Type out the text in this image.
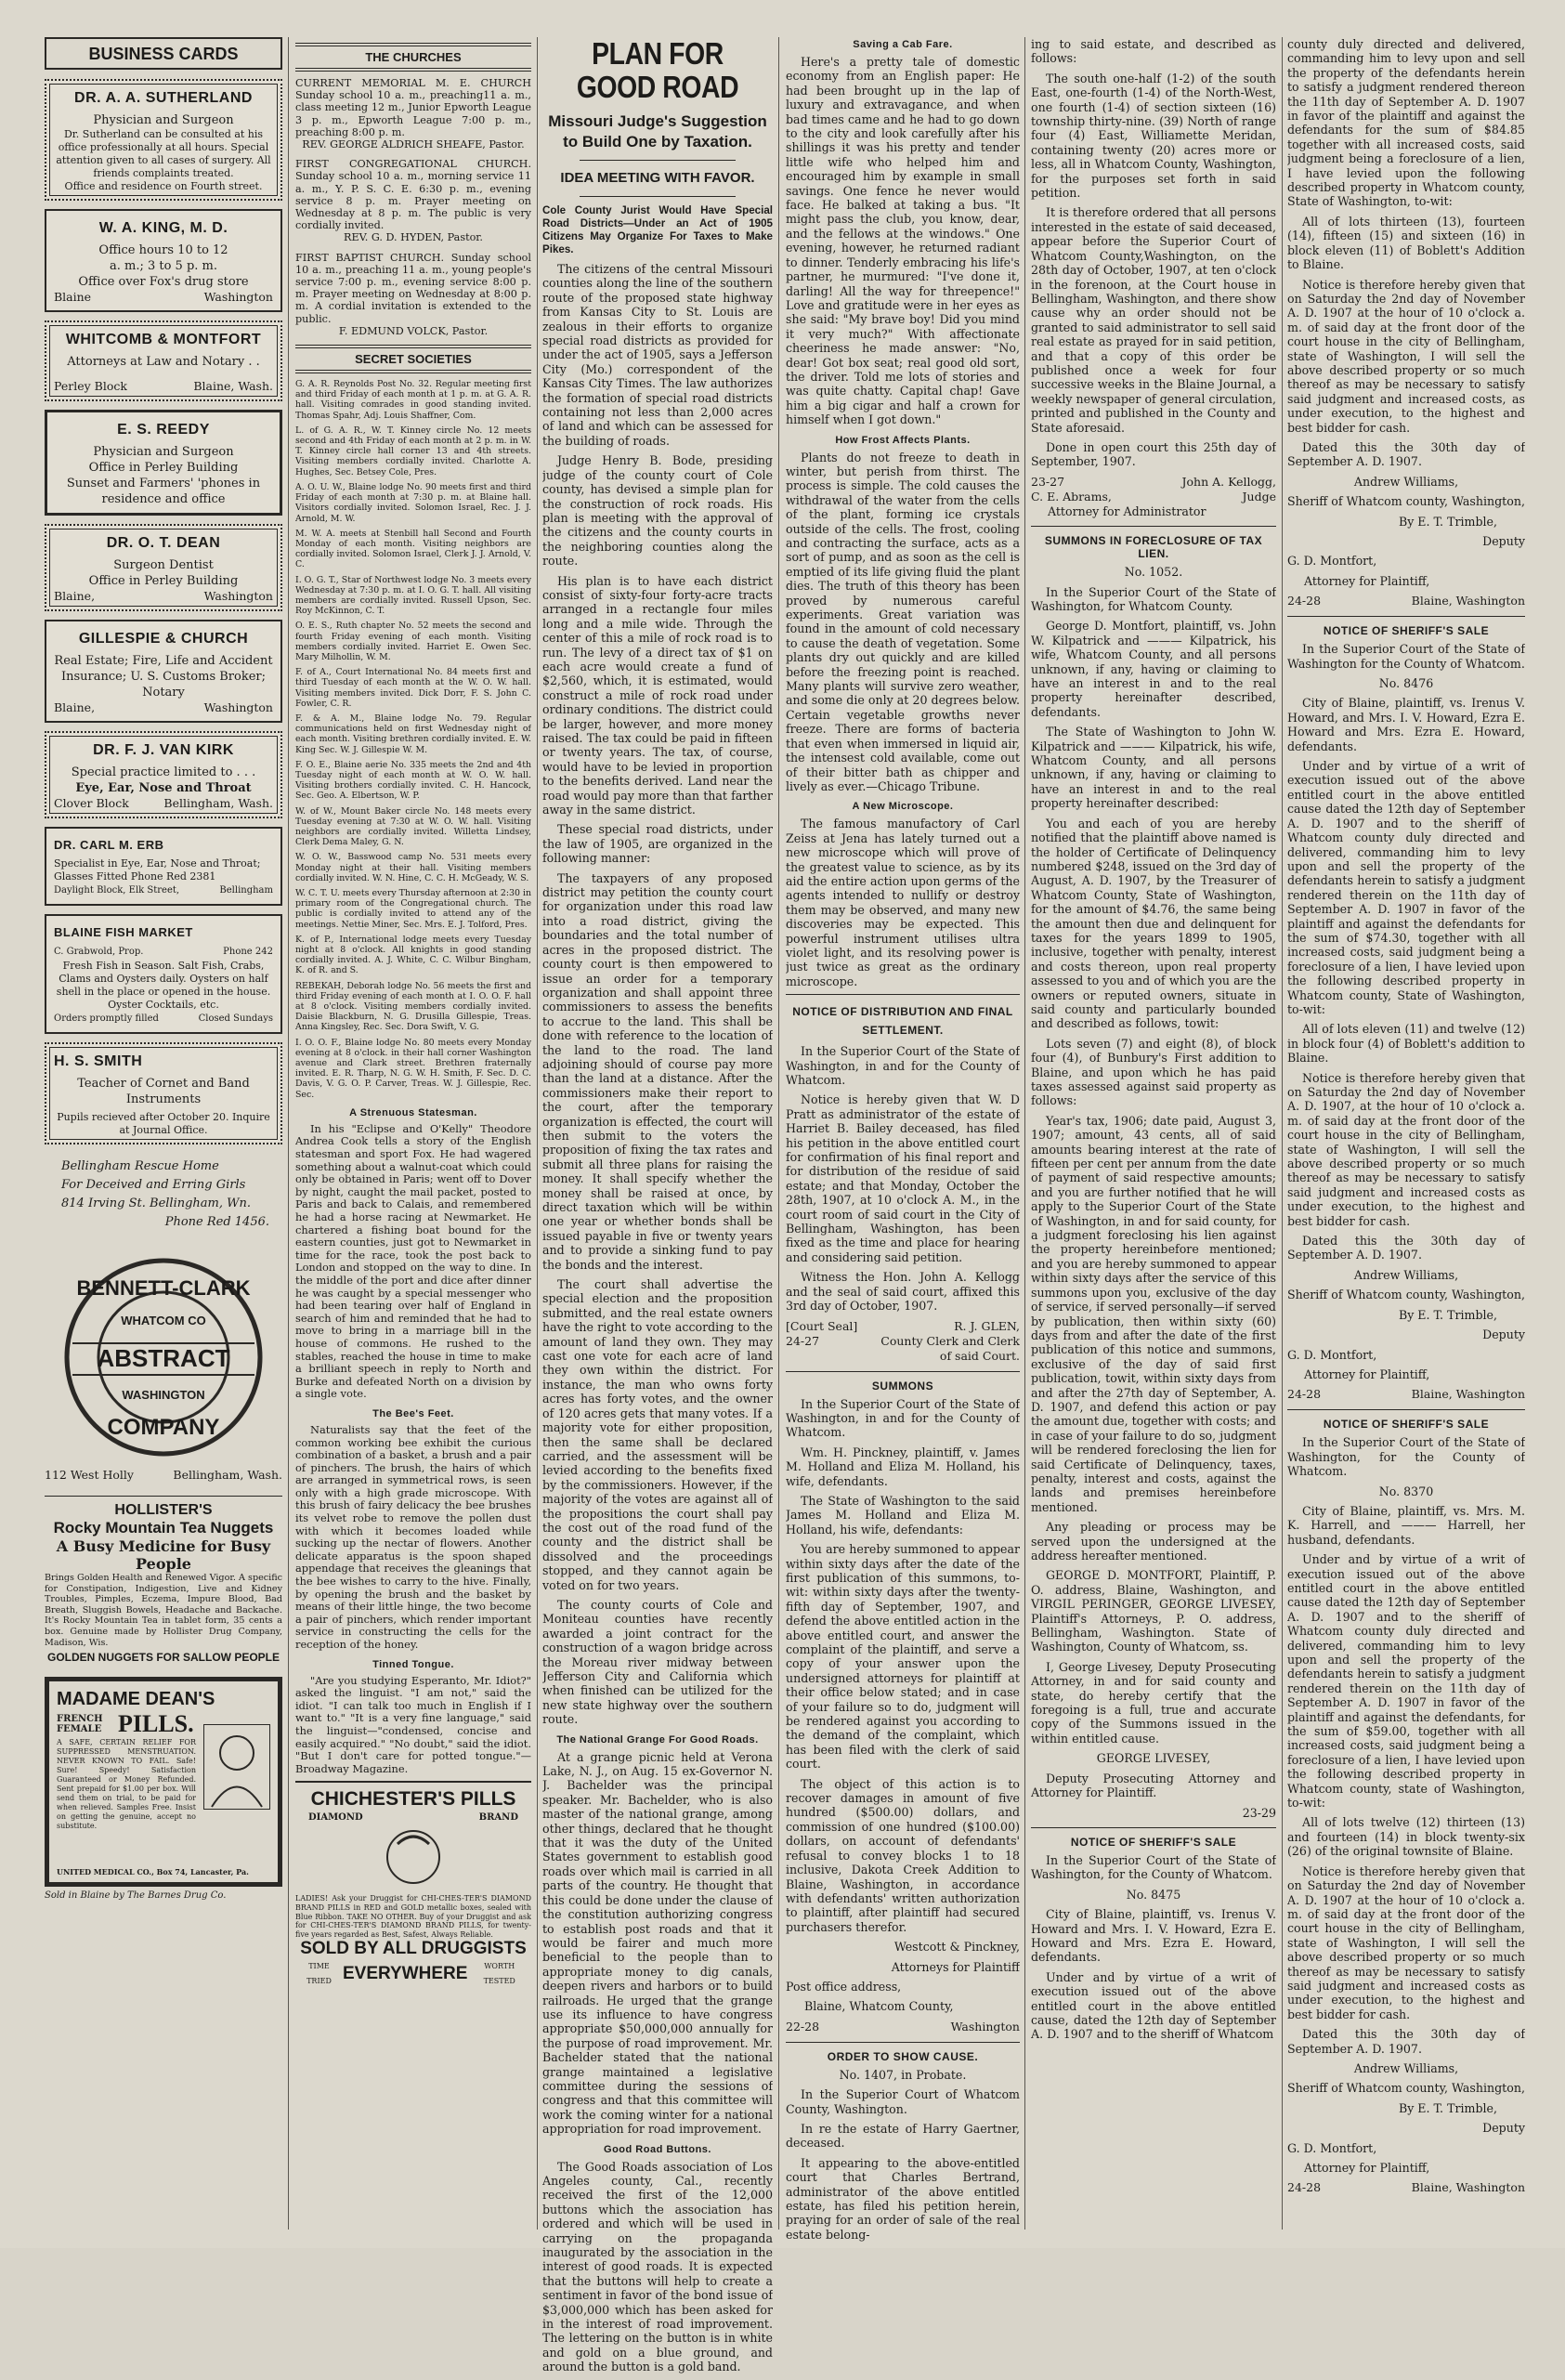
BUSINESS CARDS
DR. A. A. SUTHERLAND
Physician and Surgeon
Dr. Sutherland can be consulted at his office professionally at all hours. Special attention given to all cases of surgery. All friends complaints treated.
Office and residence on Fourth street.
W. A. KING, M. D.
Office hours 10 to 12
a. m.; 3 to 5 p. m.
Office over Fox's drug store
Blaine	Washington
WHITCOMB & MONTFORT
Attorneys at Law and Notary . .
Perley Block	Blaine, Wash.
E. S. REEDY
Physician and Surgeon
Office in Perley Building
Sunset and Farmers' 'phones in residence and office
DR. O. T. DEAN
Surgeon Dentist
Office in Perley Building
Blaine,	Washington
GILLESPIE & CHURCH
Real Estate; Fire, Life and Accident Insurance; U. S. Customs Broker; Notary
Blaine,	Washington
DR. F. J. VAN KIRK
Special practice limited to . . .
Eye, Ear, Nose and Throat
Clover Block	Bellingham, Wash.
DR. CARL M. ERB
Specialist in Eye, Ear, Nose and Throat; Glasses Fitted Phone Red 2381
Daylight Block, Elk Street,	Bellingham
BLAINE FISH MARKET
C. Grabwold, Prop.	Phone 242
Fresh Fish in Season. Salt Fish, Crabs, Clams and Oysters daily. Oysters on half shell in the place or opened in the house. Oyster Cocktails, etc.
Orders promptly filled	Closed Sundays
H. S. SMITH
Teacher of Cornet and Band Instruments
Pupils recieved after October 20. Inquire at Journal Office.
Bellingham Rescue Home
For Deceived and Erring Girls
814 Irving St. Bellingham, Wn.
Phone Red 1456.
BENNETT-CLARK
WHATCOM CO
ABSTRACT
WASHINGTON
COMPANY
112 West Holly	Bellingham, Wash.
HOLLISTER'S
Rocky Mountain Tea Nuggets
A Busy Medicine for Busy People
Brings Golden Health and Renewed Vigor. A specific for Constipation, Indigestion, Live and Kidney Troubles, Pimples, Eczema, Impure Blood, Bad Breath, Sluggish Bowels, Headache and Backache. It's Rocky Mountain Tea in tablet form, 35 cents a box. Genuine made by Hollister Drug Company, Madison, Wis.
GOLDEN NUGGETS FOR SALLOW PEOPLE
MADAME DEAN'S
FRENCH FEMALE PILLS.
A SAFE, CERTAIN RELIEF FOR SUPPRESSED MENSTRUATION. NEVER KNOWN TO FAIL. Safe! Sure! Speedy! Satisfaction Guaranteed or Money Refunded. Sent prepaid for $1.00 per box. Will send them on trial, to be paid for when relieved. Samples Free. Insist on getting the genuine, accept no substitute.
UNITED MEDICAL CO., Box 74, Lancaster, Pa.
Sold in Blaine by The Barnes Drug Co.
THE CHURCHES
CURRENT MEMORIAL M. E. CHURCH Sunday school 10 a. m., preaching11 a. m., class meeting 12 m., Junior Epworth League 3 p. m., Epworth League 7:00 p. m., preaching 8:00 p. m.
REV. GEORGE ALDRICH SHEAFE, Pastor.
FIRST CONGREGATIONAL CHURCH. Sunday school 10 a. m., morning service 11 a. m., Y. P. S. C. E. 6:30 p. m., evening service 8 p. m. Prayer meeting on Wednesday at 8 p. m. The public is very cordially invited.
REV. G. D. HYDEN, Pastor.
FIRST BAPTIST CHURCH. Sunday school 10 a. m., preaching 11 a. m., young people's service 7:00 p. m., evening service 8:00 p. m. Prayer meeting on Wednesday at 8:00 p. m. A cordial invitation is extended to the public.
F. EDMUND VOLCK, Pastor.
SECRET SOCIETIES
G. A. R. Reynolds Post No. 32. Regular meeting first and third Friday of each month at 1 p. m. at G. A. R. hall. Visiting comrades in good standing invited. Thomas Spahr, Adj. Louis Shaffner, Com.
L. of G. A. R., W. T. Kinney circle No. 12 meets second and 4th Friday of each month at 2 p. m. in W. T. Kinney circle hall corner 13 and 4th streets. Visiting members cordially invited. Charlotte A. Hughes, Sec. Betsey Cole, Pres.
A. O. U. W., Blaine lodge No. 90 meets first and third Friday of each month at 7:30 p. m. at Blaine hall. Visitors cordially invited. Solomon Israel, Rec. J. J. Arnold, M. W.
M. W. A. meets at Stenbill hall Second and Fourth Monday of each month. Visiting neighbors are cordially invited. Solomon Israel, Clerk J. J. Arnold, V. C.
I. O. G. T., Star of Northwest lodge No. 3 meets every Wednesday at 7:30 p. m. at I. O. G. T. hall. All visiting members are cordially invited. Russell Upson, Sec. Roy McKinnon, C. T.
O. E. S., Ruth chapter No. 52 meets the second and fourth Friday evening of each month. Visiting members cordially invited. Harriet E. Owen Sec. Mary Milhollin, W. M.
F. of A., Court International No. 84 meets first and third Tuesday of each month at the W. O. W. hall. Visiting members invited. Dick Dorr, F. S. John C. Fowler, C. R.
F. & A. M., Blaine lodge No. 79. Regular communications held on first Wednesday night of each month. Visiting brethren cordially invited. E. W. King Sec. W. J. Gillespie W. M.
F. O. E., Blaine aerie No. 335 meets the 2nd and 4th Tuesday night of each month at W. O. W. hall. Visiting brothers cordially invited. C. H. Hancock, Sec. Geo. A. Elbertson, W. P.
W. of W., Mount Baker circle No. 148 meets every Tuesday evening at 7:30 at W. O. W. hall. Visiting neighbors are cordially invited. Willetta Lindsey, Clerk Dema Maley, G. N.
W. O. W., Basswood camp No. 531 meets every Monday night at their hall. Visiting members cordially invited. W. N. Hine, C. C. H. McGeady, W. S.
W. C. T. U. meets every Thursday afternoon at 2:30 in primary room of the Congregational church. The public is cordially invited to attend any of the meetings. Nettie Miner, Sec. Mrs. E. J. Tolford, Pres.
K. of P., International lodge meets every Tuesday night at 8 o'clock. All knights in good standing cordially invited. A. J. White, C. C. Wilbur Bingham, K. of R. and S.
REBEKAH, Deborah lodge No. 56 meets the first and third Friday evening of each month at I. O. O. F. hall at 8 o'clock. Visiting members cordially invited. Daisie Blackburn, N. G. Drusilla Gillespie, Treas. Anna Kingsley, Rec. Sec. Dora Swift, V. G.
I. O. O. F., Blaine lodge No. 80 meets every Monday evening at 8 o'clock. in their hall corner Washington avenue and Clark street. Brethren fraternally invited. E. R. Tharp, N. G. W. H. Smith, F. Sec. D. C. Davis, V. G. O. P. Carver, Treas. W. J. Gillespie, Rec. Sec.
A Strenuous Statesman.

In his "Eclipse and O'Kelly" Theodore Andrea Cook tells a story of the English statesman and sport Fox. He had wagered something about a walnut-coat which could only be obtained in Paris; went off to Dover by night, caught the mail packet, posted to Paris and back to Calais, and remembered he had a horse racing at Newmarket. He chartered a fishing boat bound for the eastern counties, just got to Newmarket in time for the race, took the post back to London and stopped on the way to dine. In the middle of the port and dice after dinner he was caught by a special messenger who had been tearing over half of England in search of him and reminded that he had to move to bring in a marriage bill in the house of commons. He rushed to the stables, reached the house in time to make a brilliant speech in reply to North and Burke and defeated North on a division by a single vote.

The Bee's Feet.

Naturalists say that the feet of the common working bee exhibit the curious combination of a basket, a brush and a pair of pinchers. The brush, the hairs of which are arranged in symmetrical rows, is seen only with a high grade microscope. With this brush of fairy delicacy the bee brushes its velvet robe to remove the pollen dust with which it becomes loaded while sucking up the nectar of flowers. Another delicate apparatus is the spoon shaped appendage that receives the gleanings that the bee wishes to carry to the hive. Finally, by opening the brush and the basket by means of their little hinge, the two become a pair of pinchers, which render important service in constructing the cells for the reception of the honey.

Tinned Tongue.

"Are you studying Esperanto, Mr. Idiot?" asked the linguist. "I am not," said the idiot. "I can talk too much in English if I want to." "It is a very fine language," said the linguist—"condensed, concise and easily acquired." "No doubt," said the idiot. "But I don't care for potted tongue."—Broadway Magazine.

CHICHESTER'S PILLS
DIAMOND	BRAND
LADIES! Ask your Druggist for CHI-CHES-TER'S DIAMOND BRAND PILLS in RED and GOLD metallic boxes, sealed with Blue Ribbon. TAKE NO OTHER. Buy of your Druggist and ask for CHI-CHES-TER'S DIAMOND BRAND PILLS, for twenty-five years regarded as Best, Safest, Always Reliable.
SOLD BY ALL DRUGGISTS
TIME TRIED EVERYWHERE	WORTH TESTED
PLAN FOR GOOD ROAD
Missouri Judge's Suggestion to Build One by Taxation.
IDEA MEETING WITH FAVOR.

Cole County Jurist Would Have Special Road Districts—Under an Act of 1905 Citizens May Organize For Taxes to Make Pikes.

The citizens of the central Missouri counties along the line of the southern route of the proposed state highway from Kansas City to St. Louis are zealous in their efforts to organize special road districts as provided for under the act of 1905, says a Jefferson City (Mo.) correspondent of the Kansas City Times. The law authorizes the formation of special road districts containing not less than 2,000 acres of land and which can be assessed for the building of roads.

Judge Henry B. Bode, presiding judge of the county court of Cole county, has devised a simple plan for the construction of rock roads. His plan is meeting with the approval of the citizens and the county courts in the neighboring counties along the route.

His plan is to have each district consist of sixty-four forty-acre tracts arranged in a rectangle four miles long and a mile wide. Through the center of this a mile of rock road is to run. The levy of a direct tax of $1 on each acre would create a fund of $2,560, which, it is estimated, would construct a mile of rock road under ordinary conditions. The district could be larger, however, and more money raised. The tax could be paid in fifteen or twenty years. The tax, of course, would have to be levied in proportion to the benefits derived. Land near the road would pay more than that farther away in the same district.

These special road districts, under the law of 1905, are organized in the following manner:

The taxpayers of any proposed district may petition the county court for organization under this road law into a road district, giving the boundaries and the total number of acres in the proposed district. The county court is then empowered to issue an order for a temporary organization and shall appoint three commissioners to assess the benefits to accrue to the land. This shall be done with reference to the location of the land to the road. The land adjoining should of course pay more than the land at a distance. After the commissioners make their report to the court, after the temporary organization is effected, the court will then submit to the voters the proposition of fixing the tax rates and submit all three plans for raising the money. It shall specify whether the money shall be raised at once, by direct taxation which will be within one year or whether bonds shall be issued payable in five or twenty years and to provide a sinking fund to pay the bonds and the interest.

The court shall advertise the special election and the proposition submitted, and the real estate owners have the right to vote according to the amount of land they own. They may cast one vote for each acre of land they own within the district. For instance, the man who owns forty acres has forty votes, and the owner of 120 acres gets that many votes. If a majority vote for either proposition, then the same shall be declared carried, and the assessment will be levied according to the benefits fixed by the commissioners. However, if the majority of the votes are against all of the propositions the court shall pay the cost out of the road fund of the county and the district shall be dissolved and the proceedings stopped, and they cannot again be voted on for two years.

The county courts of Cole and Moniteau counties have recently awarded a joint contract for the construction of a wagon bridge across the Moreau river midway between Jefferson City and California which when finished can be utilized for the new state highway over the southern route.

The National Grange For Good Roads.

At a grange picnic held at Verona Lake, N. J., on Aug. 15 ex-Governor N. J. Bachelder was the principal speaker. Mr. Bachelder, who is also master of the national grange, among other things, declared that he thought that it was the duty of the United States government to establish good roads over which mail is carried in all parts of the country. He thought that this could be done under the clause of the constitution authorizing congress to establish post roads and that it would be fairer and much more beneficial to the people than to appropriate money to dig canals, deepen rivers and harbors or to build railroads. He urged that the grange use its influence to have congress appropriate $50,000,000 annually for the purpose of road improvement. Mr. Bachelder stated that the national grange maintained a legislative committee during the sessions of congress and that this committee will work the coming winter for a national appropriation for road improvement.

Good Road Buttons.

The Good Roads association of Los Angeles county, Cal., recently received the first of the 12,000 buttons which the association has ordered and which will be used in carrying on the propaganda inaugurated by the association in the interest of good roads. It is expected that the buttons will help to create a sentiment in favor of the bond issue of $3,000,000 which has been asked for in the interest of road improvement. The lettering on the button is in white and gold on a blue ground, and around the button is a gold band.

Saving a Cab Fare.

Here's a pretty tale of domestic economy from an English paper: He had been brought up in the lap of luxury and extravagance, and when bad times came and he had to go down to the city and look carefully after his shillings it was his pretty and tender little wife who helped him and encouraged him by example in small savings. One fence he never would face. He balked at taking a bus. "It might pass the club, you know, dear, and the fellows at the windows." One evening, however, he returned radiant to dinner. Tenderly embracing his life's partner, he murmured: "I've done it, darling! All the way for threepence!" Love and gratitude were in her eyes as she said: "My brave boy! Did you mind it very much?" With affectionate cheeriness he made answer: "No, dear! Got box seat; real good old sort, the driver. Told me lots of stories and was quite chatty. Capital chap! Gave him a big cigar and half a crown for himself when I got down."

How Frost Affects Plants.

Plants do not freeze to death in winter, but perish from thirst. The process is simple. The cold causes the withdrawal of the water from the cells of the plant, forming ice crystals outside of the cells. The frost, cooling and contracting the surface, acts as a sort of pump, and as soon as the cell is emptied of its life giving fluid the plant dies. The truth of this theory has been proved by numerous careful experiments. Great variation was found in the amount of cold necessary to cause the death of vegetation. Some plants dry out quickly and are killed before the freezing point is reached. Many plants will survive zero weather, and some die only at 20 degrees below. Certain vegetable growths never freeze. There are forms of bacteria that even when immersed in liquid air, the intensest cold available, come out of their bitter bath as chipper and lively as ever.—Chicago Tribune.

A New Microscope.

The famous manufactory of Carl Zeiss at Jena has lately turned out a new microscope which will prove of the greatest value to science, as by its aid the entire action upon germs of the agents intended to nullify or destroy them may be observed, and many new discoveries may be expected. This powerful instrument utilises ultra violet light, and its resolving power is just twice as great as the ordinary microscope.

NOTICE OF DISTRIBUTION AND FINAL SETTLEMENT.

In the Superior Court of the State of Washington, in and for the County of Whatcom.

Notice is hereby given that W. D Pratt as administrator of the estate of Harriet B. Bailey deceased, has filed his petition in the above entitled court for confirmation of his final report and for distribution of the residue of said estate; and that Monday, October the 28th, 1907, at 10 o'clock A. M., in the court room of said court in the City of Bellingham, Washington, has been fixed as the time and place for hearing and considering said petition.

Witness the Hon. John A. Kellogg and the seal of said court, affixed this 3rd day of October, 1907.

[Court Seal]	R. J. GLEN,
24-27	County Clerk and Clerk of said Court.
SUMMONS

In the Superior Court of the State of Washington, in and for the County of Whatcom.

Wm. H. Pinckney, plaintiff, v. James M. Holland and Eliza M. Holland, his wife, defendants.

The State of Washington to the said James M. Holland and Eliza M. Holland, his wife, defendants:

You are hereby summoned to appear within sixty days after the date of the first publication of this summons, to-wit: within sixty days after the twenty-fifth day of September, 1907, and defend the above entitled action in the above entitled court, and answer the complaint of the plaintiff, and serve a copy of your answer upon the undersigned attorneys for plaintiff at their office below stated; and in case of your failure so to do, judgment will be rendered against you according to the demand of the complaint, which has been filed with the clerk of said court.

The object of this action is to recover damages in amount of five hundred ($500.00) dollars, and commission of one hundred ($100.00) dollars, on account of defendants' refusal to convey blocks 1 to 18 inclusive, Dakota Creek Addition to Blaine, Washington, in accordance with defendants' written authorization to plaintiff, after plaintiff had secured purchasers therefor.

Westcott & Pinckney,

Attorneys for Plaintiff

Post office address,

Blaine, Whatcom County,

22-28	Washington
ORDER TO SHOW CAUSE.

No. 1407, in Probate.

In the Superior Court of Whatcom County, Washington.

In re the estate of Harry Gaertner, deceased.

It appearing to the above-entitled court that Charles Bertrand, administrator of the above entitled estate, has filed his petition herein, praying for an order of sale of the real estate belong-

ing to said estate, and described as follows:

The south one-half (1-2) of the south East, one-fourth (1-4) of the North-West, one fourth (1-4) of section sixteen (16) township thirty-nine. (39) North of range four (4) East, Williamette Meridan, containing twenty (20) acres more or less, all in Whatcom County, Washington, for the purposes set forth in said petition.

It is therefore ordered that all persons interested in the estate of said deceased, appear before the Superior Court of Whatcom County,Washington, on the 28th day of October, 1907, at ten o'clock in the forenoon, at the Court house in Bellingham, Washington, and there show cause why an order should not be granted to said administrator to sell said real estate as prayed for in said petition, and that a copy of this order be published once a week for four successive weeks in the Blaine Journal, a weekly newspaper of general circulation, printed and published in the County and State aforesaid.

Done in open court this 25th day of September, 1907.

23-27	John A. Kellogg,
C. E. Abrams,	Judge

Attorney for Administrator

SUMMONS IN FORECLOSURE OF TAX LIEN.

No. 1052.

In the Superior Court of the State of Washington, for Whatcom County.

George D. Montfort, plaintiff, vs. John W. Kilpatrick and ——— Kilpatrick, his wife, Whatcom County, and all persons unknown, if any, having or claiming to have an interest in and to the real property hereinafter described, defendants.

The State of Washington to John W. Kilpatrick and ——— Kilpatrick, his wife, Whatcom County, and all persons unknown, if any, having or claiming to have an interest in and to the real property hereinafter described:

You and each of you are hereby notified that the plaintiff above named is the holder of Certificate of Delinquency numbered $248, issued on the 3rd day of August, A. D. 1907, by the Treasurer of Whatcom County, State of Washington, for the amount of $4.76, the same being the amount then due and delinquent for taxes for the years 1899 to 1905, inclusive, together with penalty, interest and costs thereon, upon real property assessed to you and of which you are the owners or reputed owners, situate in said county and particularly bounded and described as follows, towit:

Lots seven (7) and eight (8), of block four (4), of Bunbury's First addition to Blaine, and upon which he has paid taxes assessed against said property as follows:

Year's tax, 1906; date paid, August 3, 1907; amount, 43 cents, all of said amounts bearing interest at the rate of fifteen per cent per annum from the date of payment of said respective amounts; and you are further notified that he will apply to the Superior Court of the State of Washington, in and for said county, for a judgment foreclosing his lien against the property hereinbefore mentioned; and you are hereby summoned to appear within sixty days after the service of this summons upon you, exclusive of the day of service, if served personally—if served by publication, then within sixty (60) days from and after the date of the first publication of this notice and summons, exclusive of the day of said first publication, towit, within sixty days from and after the 27th day of September, A. D. 1907, and defend this action or pay the amount due, together with costs; and in case of your failure to do so, judgment will be rendered foreclosing the lien for said Certificate of Delinquency, taxes, penalty, interest and costs, against the lands and premises hereinbefore mentioned.

Any pleading or process may be served upon the undersigned at the address hereafter mentioned.

GEORGE D. MONTFORT, Plaintiff, P. O. address, Blaine, Washington, and VIRGIL PERINGER, GEORGE LIVESEY, Plaintiff's Attorneys, P. O. address, Bellingham, Washington. State of Washington, County of Whatcom, ss.

I, George Livesey, Deputy Prosecuting Attorney, in and for said county and state, do hereby certify that the foregoing is a full, true and accurate copy of the Summons issued in the within entitled cause.

GEORGE LIVESEY,

Deputy Prosecuting Attorney and Attorney for Plaintiff.

23-29

NOTICE OF SHERIFF'S SALE

In the Superior Court of the State of Washington, for the County of Whatcom.

No. 8475

City of Blaine, plaintiff, vs. Irenus V. Howard and Mrs. I. V. Howard, Ezra E. Howard and Mrs. Ezra E. Howard, defendants.

Under and by virtue of a writ of execution issued out of the above entitled court in the above entitled cause, dated the 12th day of September A. D. 1907 and to the sheriff of Whatcom

county duly directed and delivered, commanding him to levy upon and sell the property of the defendants herein to satisfy a judgment rendered thereon the 11th day of September A. D. 1907 in favor of the plaintiff and against the defendants for the sum of $84.85 together with all increased costs, said judgment being a foreclosure of a lien, I have levied upon the following described property in Whatcom county, State of Washington, to-wit:

All of lots thirteen (13), fourteen (14), fifteen (15) and sixteen (16) in block eleven (11) of Boblett's Addition to Blaine.

Notice is therefore hereby given that on Saturday the 2nd day of November A. D. 1907 at the hour of 10 o'clock a. m. of said day at the front door of the court house in the city of Bellingham, state of Washington, I will sell the above described property or so much thereof as may be necessary to satisfy said judgment and increased costs, as under execution, to the highest and best bidder for cash.

Dated this the 30th day of September A. D. 1907.

Andrew Williams,

Sheriff of Whatcom county, Washington,

By E. T. Trimble,

Deputy

G. D. Montfort,

Attorney for Plaintiff,

24-28	Blaine, Washington
NOTICE OF SHERIFF'S SALE

In the Superior Court of the State of Washington for the County of Whatcom.

No. 8476

City of Blaine, plaintiff, vs. Irenus V. Howard, and Mrs. I. V. Howard, Ezra E. Howard and Mrs. Ezra E. Howard, defendants.

Under and by virtue of a writ of execution issued out of the above entitled court in the above entitled cause dated the 12th day of September A. D. 1907 and to the sheriff of Whatcom county duly directed and delivered, commanding him to levy upon and sell the property of the defendants herein to satisfy a judgment rendered therein on the 11th day of September A. D. 1907 in favor of the plaintiff and against the defendants for the sum of $74.30, together with all increased costs, said judgment being a foreclosure of a lien, I have levied upon the following described property in Whatcom county, State of Washington, to-wit:

All of lots eleven (11) and twelve (12) in block four (4) of Boblett's addition to Blaine.

Notice is therefore hereby given that on Saturday the 2nd day of November A. D. 1907, at the hour of 10 o'clock a. m. of said day at the front door of the court house in the city of Bellingham, state of Washington, I will sell the above described property or so much thereof as may be necessary to satisfy said judgment and increased costs as under execution, to the highest and best bidder for cash.

Dated this the 30th day of September A. D. 1907.

Andrew Williams,

Sheriff of Whatcom county, Washington,

By E. T. Trimble,

Deputy

G. D. Montfort,

Attorney for Plaintiff,

24-28	Blaine, Washington
NOTICE OF SHERIFF'S SALE

In the Superior Court of the State of Washington, for the County of Whatcom.

No. 8370

City of Blaine, plaintiff, vs. Mrs. M. K. Harrell, and ——— Harrell, her husband, defendants.

Under and by virtue of a writ of execution issued out of the above entitled court in the above entitled cause dated the 12th day of September A. D. 1907 and to the sheriff of Whatcom county duly directed and delivered, commanding him to levy upon and sell the property of the defendants herein to satisfy a judgment rendered therein on the 11th day of September A. D. 1907 in favor of the plaintiff and against the defendants, for the sum of $59.00, together with all increased costs, said judgment being a foreclosure of a lien, I have levied upon the following described property in Whatcom county, state of Washington, to-wit:

All of lots twelve (12) thirteen (13) and fourteen (14) in block twenty-six (26) of the original townsite of Blaine.

Notice is therefore hereby given that on Saturday the 2nd day of November A. D. 1907 at the hour of 10 o'clock a. m. of said day at the front door of the court house in the city of Bellingham, state of Washington, I will sell the above described property or so much thereof as may be necessary to satisfy said judgment and increased costs as under execution, to the highest and best bidder for cash.

Dated this the 30th day of September A. D. 1907.

Andrew Williams,

Sheriff of Whatcom county, Washington,

By E. T. Trimble,

Deputy

G. D. Montfort,

Attorney for Plaintiff,

24-28	Blaine, Washington
